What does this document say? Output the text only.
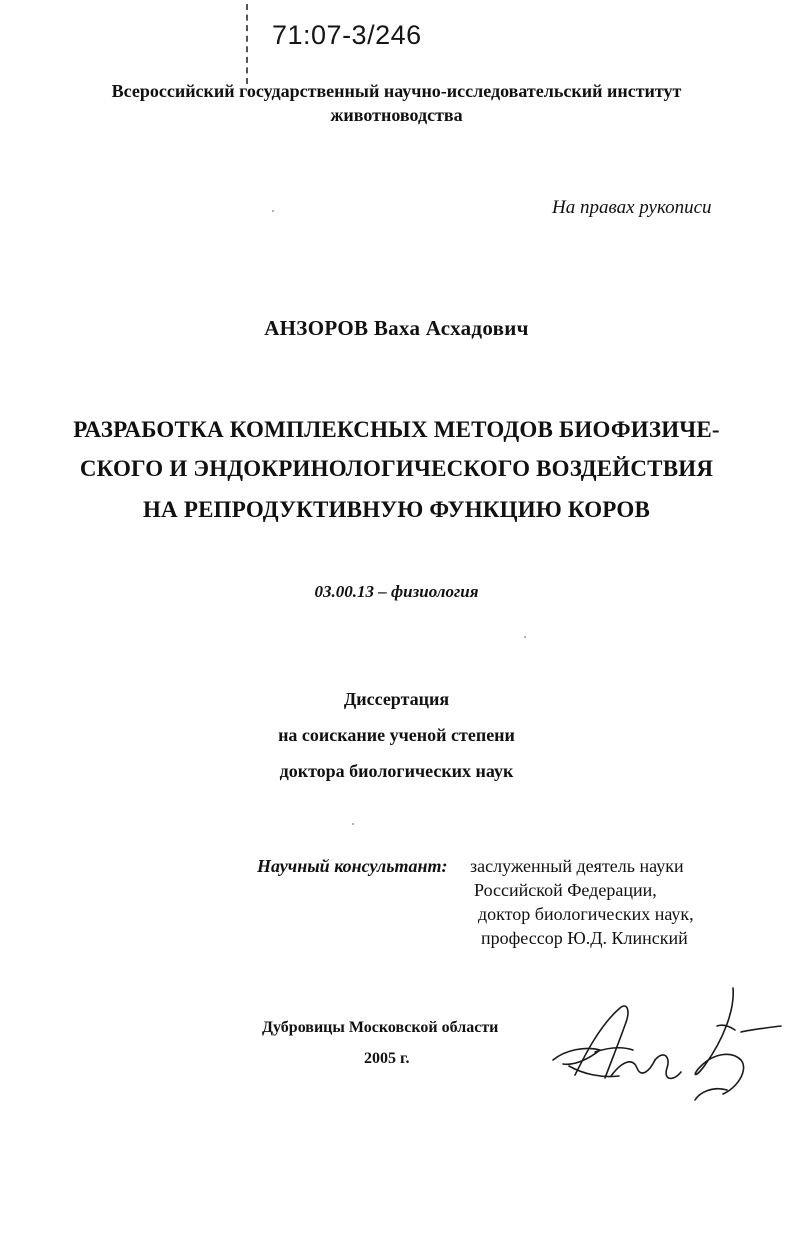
71:07-3/246
Всероссийский государственный научно-исследовательский институт
животноводства
На правах рукописи
АНЗОРОВ Ваха Асхадович
РАЗРАБОТКА КОМПЛЕКСНЫХ МЕТОДОВ БИОФИЗИЧЕ-
СКОГО И ЭНДОКРИНОЛОГИЧЕСКОГО ВОЗДЕЙСТВИЯ
НА РЕПРОДУКТИВНУЮ ФУНКЦИЮ КОРОВ
03.00.13 – физиология
Диссертация
на соискание ученой степени
доктора биологических наук
Научный консультант: заслуженный деятель науки
Российской Федерации,
доктор биологических наук,
профессор Ю.Д. Клинский
Дубровицы Московской области
2005 г.
